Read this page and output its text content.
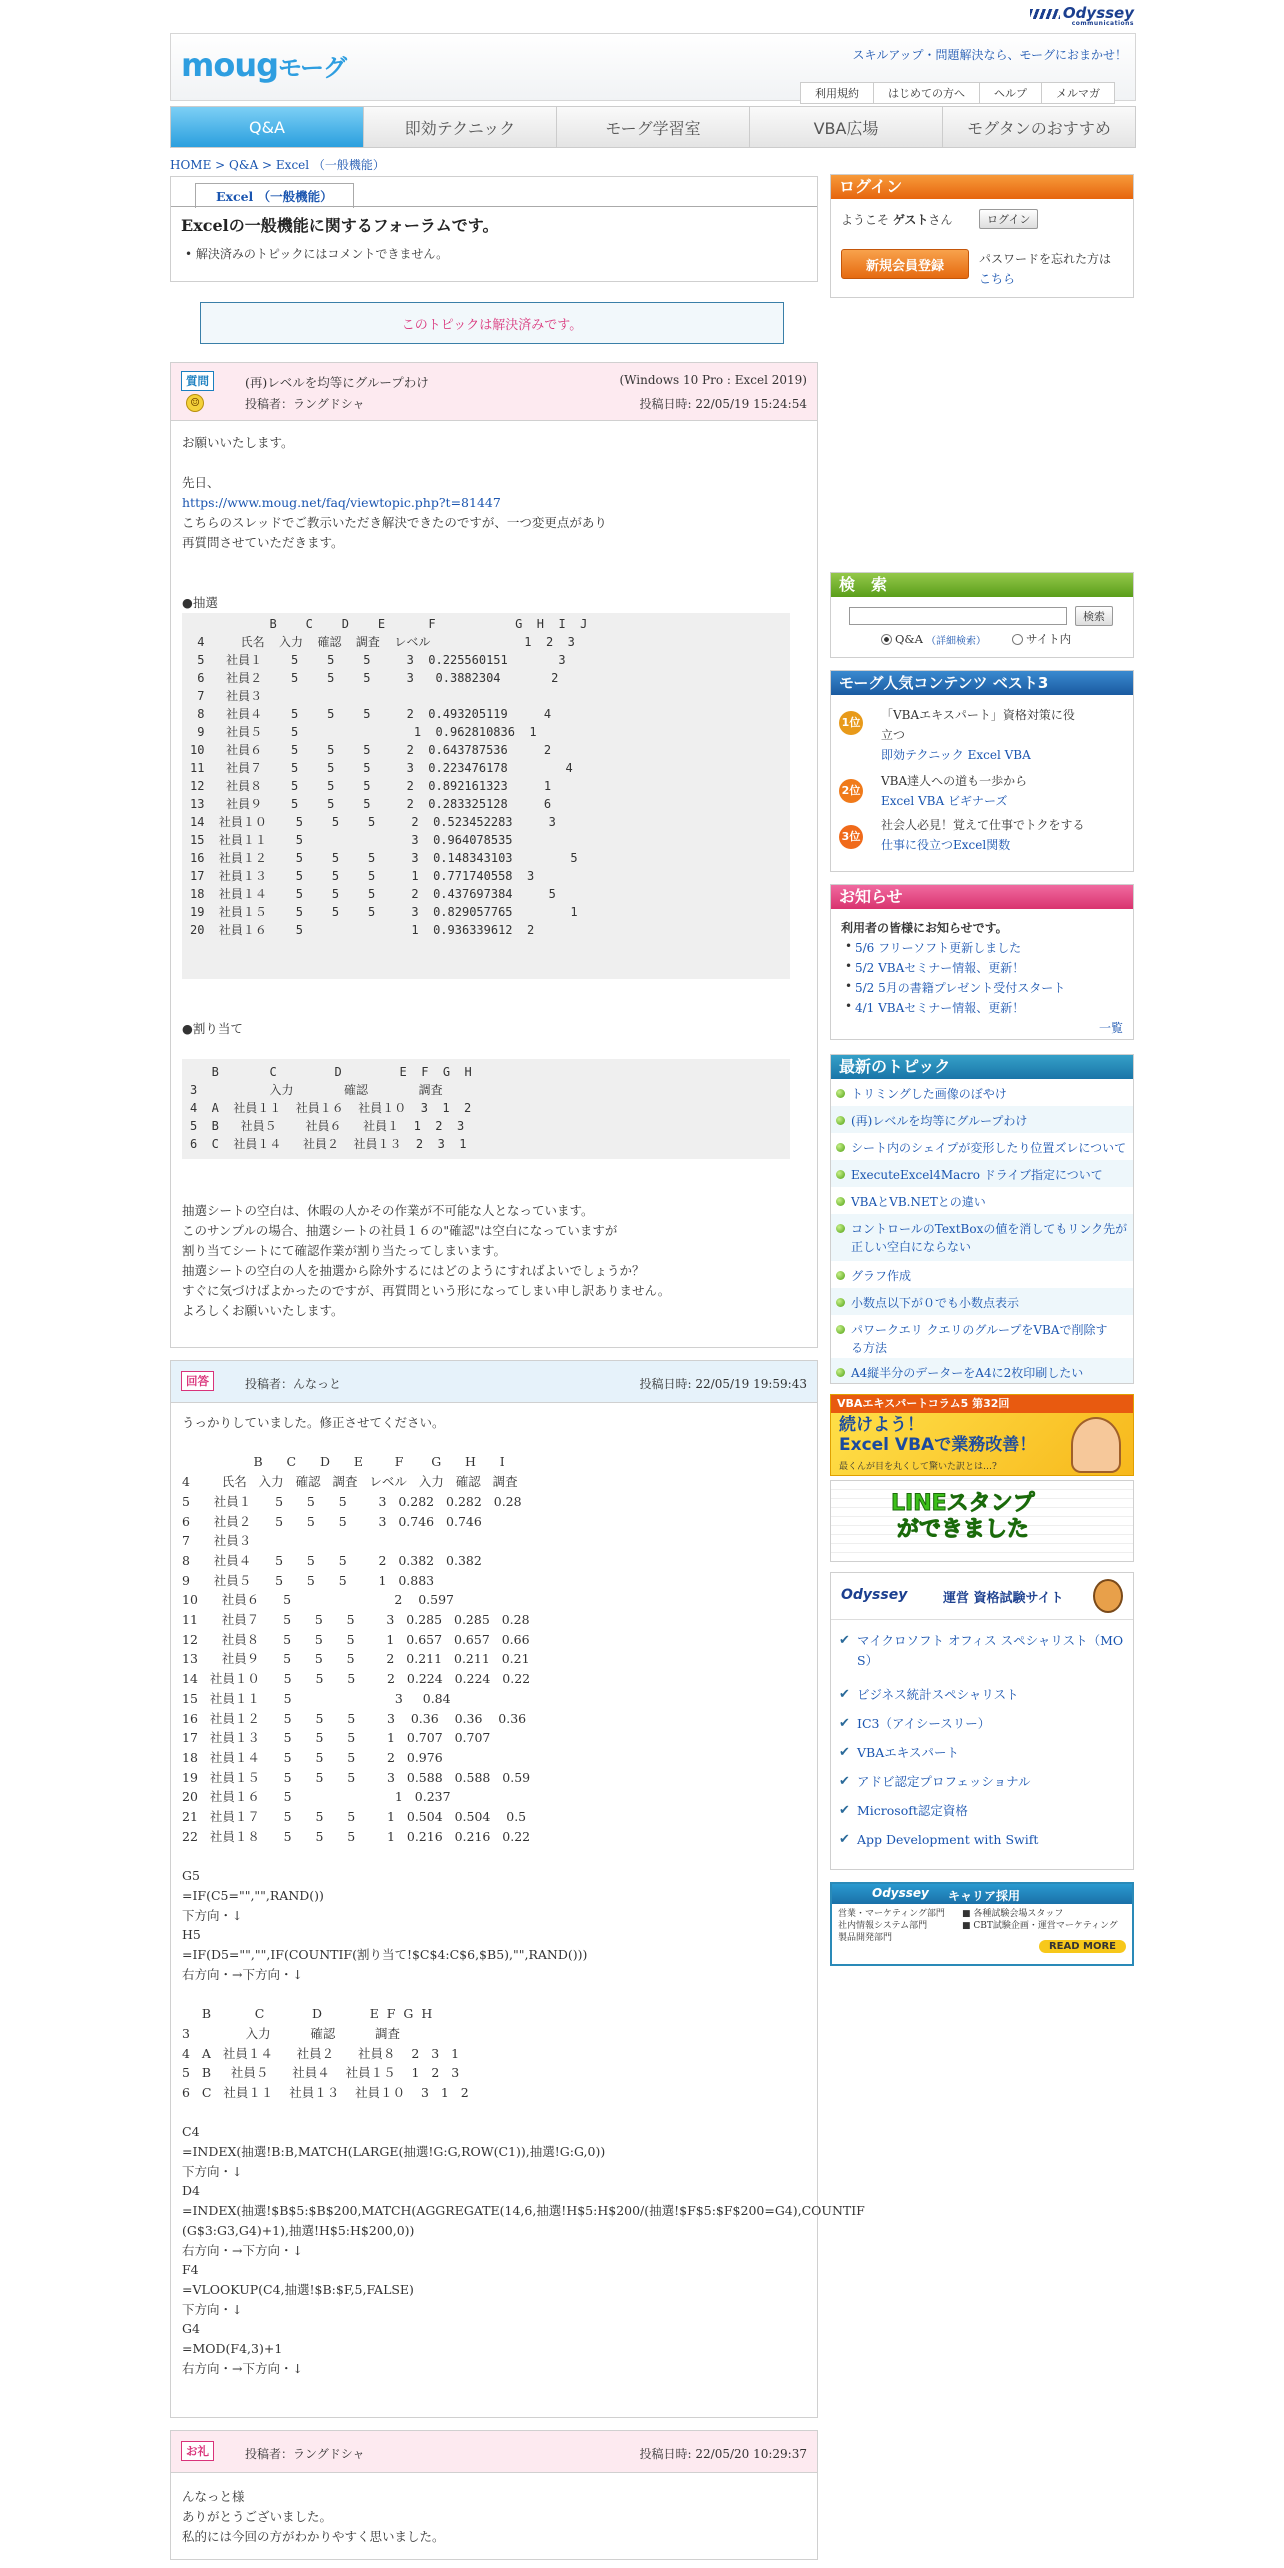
Odyssey
communications
mougモーグ	スキルアップ・問題解決なら、モーグにおまかせ！
利用規約	はじめての方へ	ヘルプ	メルマガ
Q&A	即効テクニック	モーグ学習室	VBA広場	モグタンのおすすめ
HOME > Q&A > Excel （一般機能）
Excel （一般機能）
Excelの一般機能に関するフォーラムです。
• 解決済みのトピックにはコメントできません。
このトピックは解決済みです。
質問
☺
(再)レベルを均等にグループわけ
投稿者：ラングドシャ
(Windows 10 Pro : Excel 2019)
投稿日時: 22/05/19 15:24:54
お願いいたします。

先日、
https://www.moug.net/faq/viewtopic.php?t=81447
こちらのスレッドでご教示いただき解決できたのですが、一つ変更点があり
再質問させていただきます。

●抽選
B    C    D    E      F           G  H  I  J
4     氏名  入力  確認  調査  レベル             1  2  3
5   社員１    5    5    5     3  0.225560151       3
6   社員２    5    5    5     3   0.3882304       2
7   社員３
8   社員４    5    5    5     2  0.493205119     4
9   社員５    5                1  0.962810836  1
10   社員６    5    5    5     2  0.643787536     2
11   社員７    5    5    5     3  0.223476178        4
12   社員８    5    5    5     2  0.892161323     1
13   社員９    5    5    5     2  0.283325128     6
14  社員１０    5    5    5     2  0.523452283     3
15  社員１１    5               3  0.964078535
16  社員１２    5    5    5     3  0.148343103        5
17  社員１３    5    5    5     1  0.771740558  3
18  社員１４    5    5    5     2  0.437697384     5
19  社員１５    5    5    5     3  0.829057765        1
20  社員１６    5               1  0.936339612  2
●割り当て
B       C        D        E  F  G  H
3          入力       確認       調査
4  A  社員１１  社員１６  社員１０  3  1  2
5  B   社員５    社員６   社員１  1  2  3
6  C  社員１４   社員２  社員１３  2  3  1
抽選シートの空白は、休暇の人かその作業が不可能な人となっています。
このサンプルの場合、抽選シートの社員１６の"確認"は空白になっていますが
割り当てシートにて確認作業が割り当たってしまいます。
抽選シートの空白の人を抽選から除外するにはどのようにすればよいでしょうか？
すぐに気づけばよかったのですが、再質問という形になってしまい申し訳ありません。
よろしくお願いいたします。
回答	投稿者：んなっと	投稿日時: 22/05/19 19:59:43
うっかりしていました。修正させてください。

B      C      D      E        F       G      H      I
4        氏名   入力   確認   調査   レベル   入力   確認   調査
5      社員１      5      5      5        3   0.282   0.282   0.28
6      社員２      5      5      5        3   0.746   0.746
7      社員３
8      社員４      5      5      5        2   0.382   0.382
9      社員５      5      5      5        1   0.883
10      社員６      5                          2    0.597
11      社員７      5      5      5        3   0.285   0.285   0.28
12      社員８      5      5      5        1   0.657   0.657   0.66
13      社員９      5      5      5        2   0.211   0.211   0.21
14   社員１０      5      5      5        2   0.224   0.224   0.22
15   社員１１      5                          3     0.84
16   社員１２      5      5      5        3    0.36    0.36    0.36
17   社員１３      5      5      5        1   0.707   0.707
18   社員１４      5      5      5        2   0.976
19   社員１５      5      5      5        3   0.588   0.588   0.59
20   社員１６      5                          1   0.237
21   社員１７      5      5      5        1   0.504   0.504    0.5
22   社員１８      5      5      5        1   0.216   0.216   0.22

G5
=IF(C5="","",RAND())
下方向・↓
H5
=IF(D5="","",IF(COUNTIF(割り当て!$C$4:C$6,$B5),"",RAND()))
右方向・→下方向・↓

B           C            D            E  F  G  H
3              入力          確認          調査
4   A   社員１４      社員２      社員８    2   3   1
5   B     社員５      社員４    社員１５    1   2   3
6   C   社員１１    社員１３    社員１０    3   1   2

C4
=INDEX(抽選!B:B,MATCH(LARGE(抽選!G:G,ROW(C1)),抽選!G:G,0))
下方向・↓
D4
=INDEX(抽選!$B$5:$B$200,MATCH(AGGREGATE(14,6,抽選!H$5:H$200/(抽選!$F$5:$F$200=G4),COUNTIF
(G$3:G3,G4)+1),抽選!H$5:H$200,0))
右方向・→下方向・↓
F4
=VLOOKUP(C4,抽選!$B:$F,5,FALSE)
下方向・↓
G4
=MOD(F4,3)+1
右方向・→下方向・↓
お礼	投稿者：ラングドシャ	投稿日時: 22/05/20 10:29:37
んなっと様
ありがとうございました。
私的には今回の方がわかりやすく思いました。
ログイン
ようこそ ゲストさん	ログイン
新規会員登録	パスワードを忘れた方は
こちら
検　索
検索
Q&A （詳細検索）	サイト内
モーグ人気コンテンツ ベスト3
1位
「VBAエキスパート」資格対策に役
立つ
即効テクニック Excel VBA
2位
VBA達人への道も一歩から
Excel VBA ビギナーズ
3位
社会人必見！覚えて仕事でトクをする
仕事に役立つExcel関数
お知らせ
利用者の皆様にお知らせです。
• 5/6 フリーソフト更新しました
• 5/2 VBAセミナー情報、更新！
• 5/2 5月の書籍プレゼント受付スタート
• 4/1 VBAセミナー情報、更新！
一覧
最新のトピック
トリミングした画像のぼやけ
(再)レベルを均等にグループわけ
シート内のシェイプが変形したり位置ズレについて
ExecuteExcel4Macro ドライブ指定について
VBAとVB.NETとの違い
コントロールのTextBoxの値を消してもリンク先が
正しい空白にならない
グラフ作成
小数点以下が０でも小数点表示
パワークエリ クエリのグループをVBAで削除す
る方法
A4縦半分のデーターをA4に2枚印刷したい
VBAエキスパートコラム5 第32回
続けよう！
Excel VBAで業務改善！
最くんが目を丸くして驚いた訳とは…?
LINEスタンプ
ができました
Odyssey	運営 資格試験サイト
✔ マイクロソフト オフィス スペシャリスト（MO
S）
✔ ビジネス統計スペシャリスト
✔ IC3（アイシースリー）
✔ VBAエキスパート
✔ アドビ認定プロフェッショナル
✔ Microsoft認定資格
✔ App Development with Swift
Odyssey キャリア採用
営業・マーケティング部門
社内情報システム部門
製品開発部門
■ 各種試験会場スタッフ
■ CBT試験企画・運営マーケティング
READ MORE
